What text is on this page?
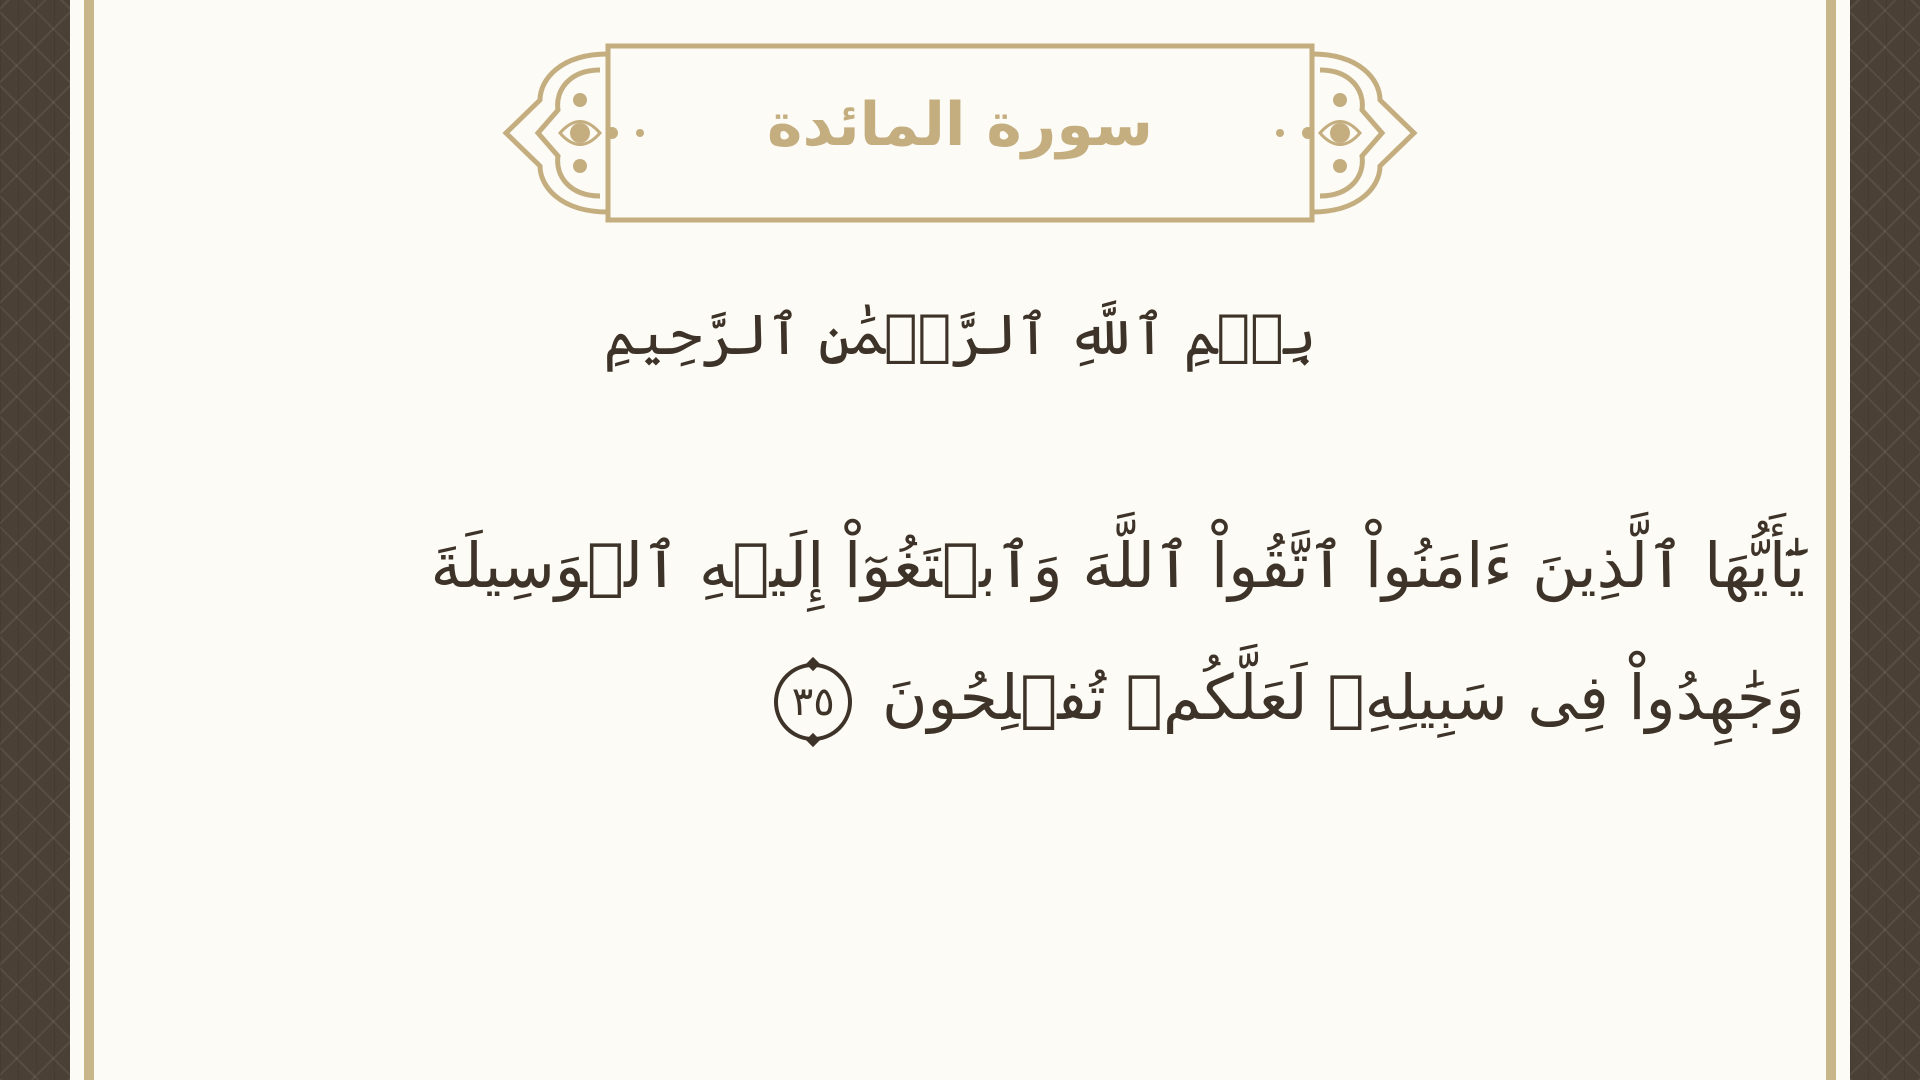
سورة المائدة
بِسۡمِ ٱللَّهِ ٱلرَّحۡمَٰنِ ٱلرَّحِيمِ
يَٰٓأَيُّهَا ٱلَّذِينَ ءَامَنُواْ ٱتَّقُواْ ٱللَّهَ وَٱبۡتَغُوٓاْ إِلَيۡهِ ٱلۡوَسِيلَةَ
وَجَٰهِدُواْ فِى سَبِيلِهِۦ لَعَلَّكُمۡ تُفۡلِحُونَ ٣٥
